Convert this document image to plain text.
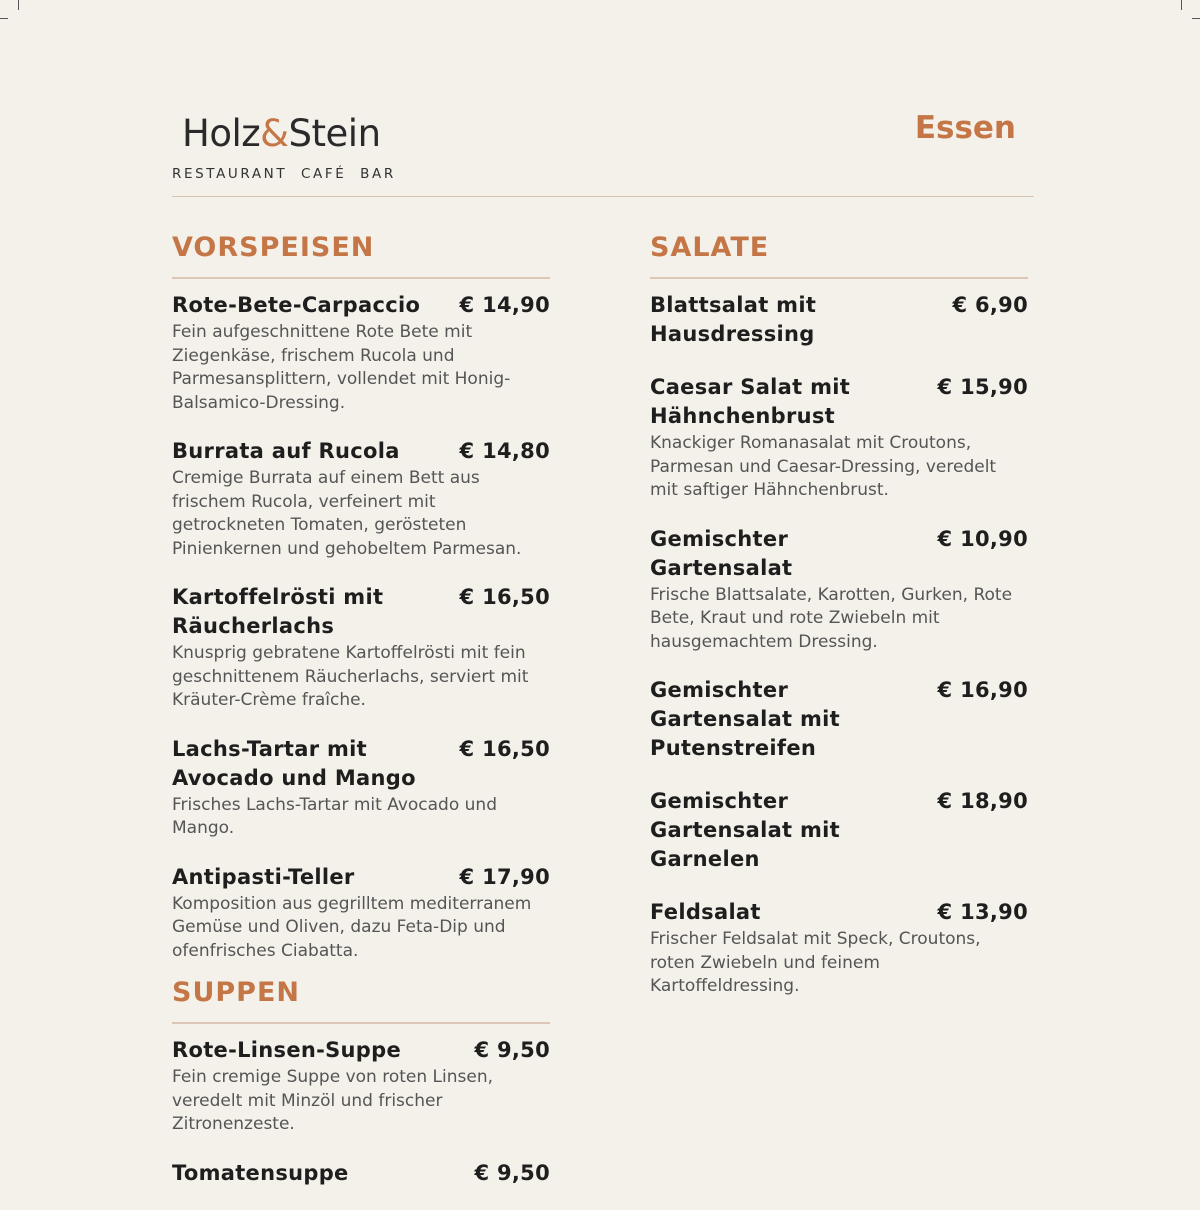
Holz&Stein
RESTAURANT  CAFÉ  BAR
Essen
VORSPEISEN
Rote-Bete-Carpaccio € 14,90
Fein aufgeschnittene Rote Bete mit Ziegenkäse, frischem Rucola und Parmesansplittern, vollendet mit Honig-Balsamico-Dressing.
Burrata auf Rucola	€ 14,80
Cremige Burrata auf einem Bett aus frischem Rucola, verfeinert mit getrockneten Tomaten, gerösteten Pinienkernen und gehobeltem Parmesan.
Kartoffelrösti mit Räucherlachs
€ 16,50
Knusprig gebratene Kartoffelrösti mit fein geschnittenem Räucherlachs, serviert mit Kräuter-Crème fraîche.
Lachs-Tartar mit Avocado und Mango
€ 16,50
Frisches Lachs-Tartar mit Avocado und Mango.
Antipasti-Teller	€ 17,90
Komposition aus gegrilltem mediterranem Gemüse und Oliven, dazu Feta-Dip und ofenfrisches Ciabatta.
SUPPEN
Rote-Linsen-Suppe	€ 9,50
Fein cremige Suppe von roten Linsen, veredelt mit Minzöl und frischer Zitronenzeste.
Tomatensuppe	€ 9,50
SALATE
Blattsalat mit Hausdressing
€ 6,90
Caesar Salat mit Hähnchenbrust
€ 15,90
Knackiger Romanasalat mit Croutons, Parmesan und Caesar-Dressing, veredelt mit saftiger Hähnchenbrust.
Gemischter Gartensalat
€ 10,90
Frische Blattsalate, Karotten, Gurken, Rote Bete, Kraut und rote Zwiebeln mit hausgemachtem Dressing.
Gemischter Gartensalat mit Putenstreifen
€ 16,90
Gemischter Gartensalat mit Garnelen
€ 18,90
Feldsalat	€ 13,90
Frischer Feldsalat mit Speck, Croutons, roten Zwiebeln und feinem Kartoffeldressing.
